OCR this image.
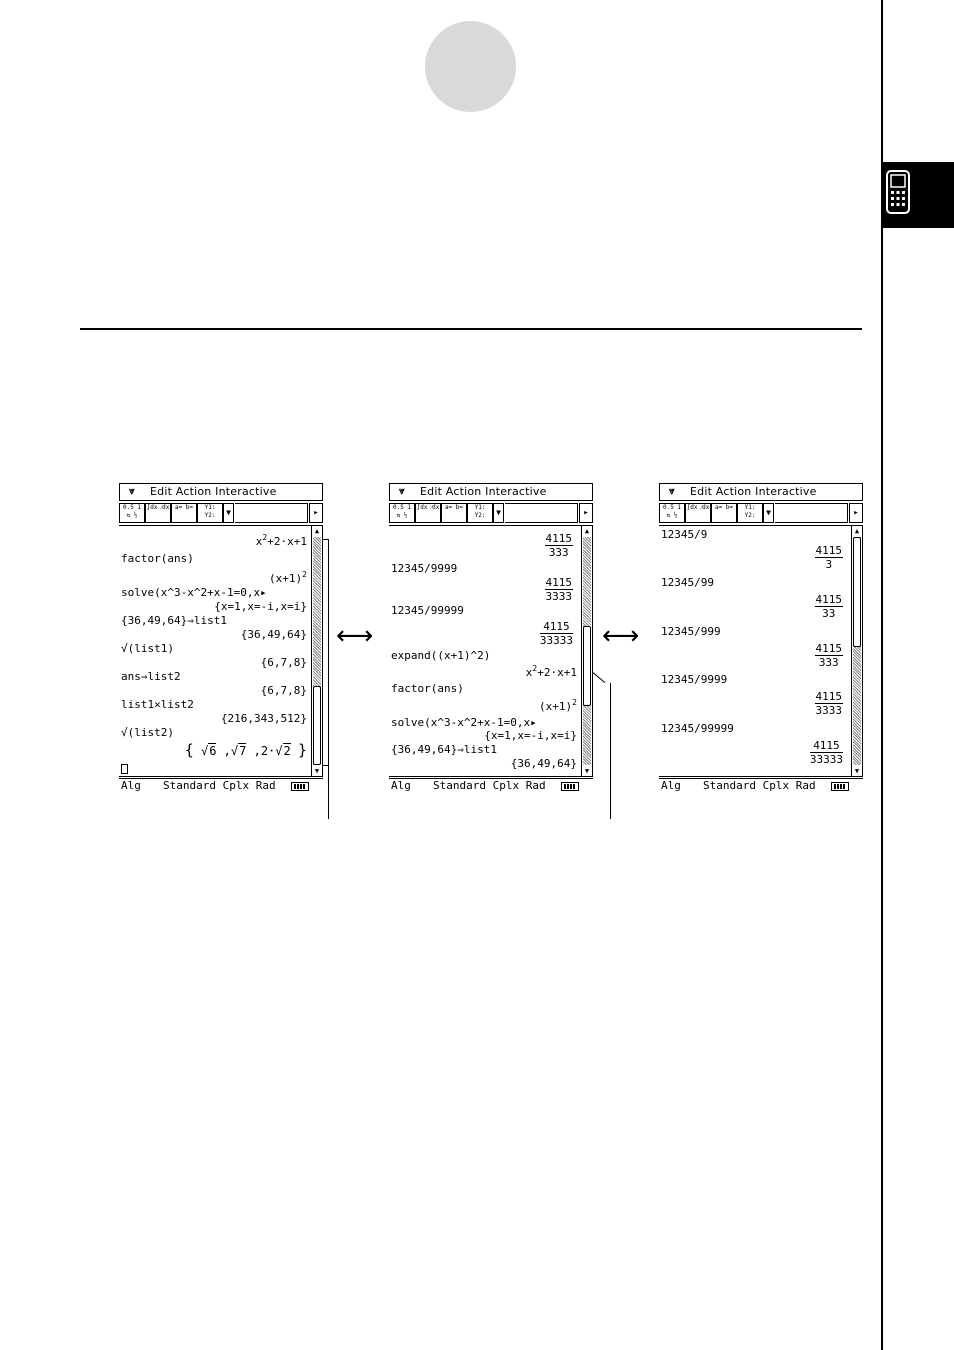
⩔ Edit Action Interactive
0.5 1 ⇆ ½
∫dx ⁄dx a= b=	Y1: Y2:	▼	▸
$x^2+2\cdot x+1$
factor(ans)
$(x+1)^2$
solve(x^3-x^2+x-1=0,x▸
{x=1,x=-i,x=i}
{36,49,64}⇒list1
{36,49,64}
√(list1)
{6,7,8}
ans⇒list2
{6,7,8}
list1×list2
{216,343,512}
√(list2)
{ √6 ,√7 ,2·√2 }
▲
▼
Alg Standard Cplx Rad
⩔ Edit Action Interactive
0.5 1 ⇆ ½
∫dx ⁄dx a= b=	Y1: Y2:	▼	▸
$\frac{4115}{333}$
12345/9999
$\frac{4115}{3333}$
12345/99999
$\frac{4115}{33333}$
expand((x+1)^2)
$x^2+2\cdot x+1$
factor(ans)
$(x+1)^2$
solve(x^3-x^2+x-1=0,x▸
{x=1,x=-i,x=i}
{36,49,64}⇒list1
{36,49,64}
▲
▼
Alg Standard Cplx Rad
⩔ Edit Action Interactive
0.5 1 ⇆ ½
∫dx ⁄dx a= b=	Y1: Y2:	▼	▸
12345/9
$\frac{4115}{3}$
12345/99
$\frac{4115}{33}$
12345/999
$\frac{4115}{333}$
12345/9999
$\frac{4115}{3333}$
12345/99999
$\frac{4115}{33333}$
▲
▼
Alg Standard Cplx Rad
⟷	⟷
